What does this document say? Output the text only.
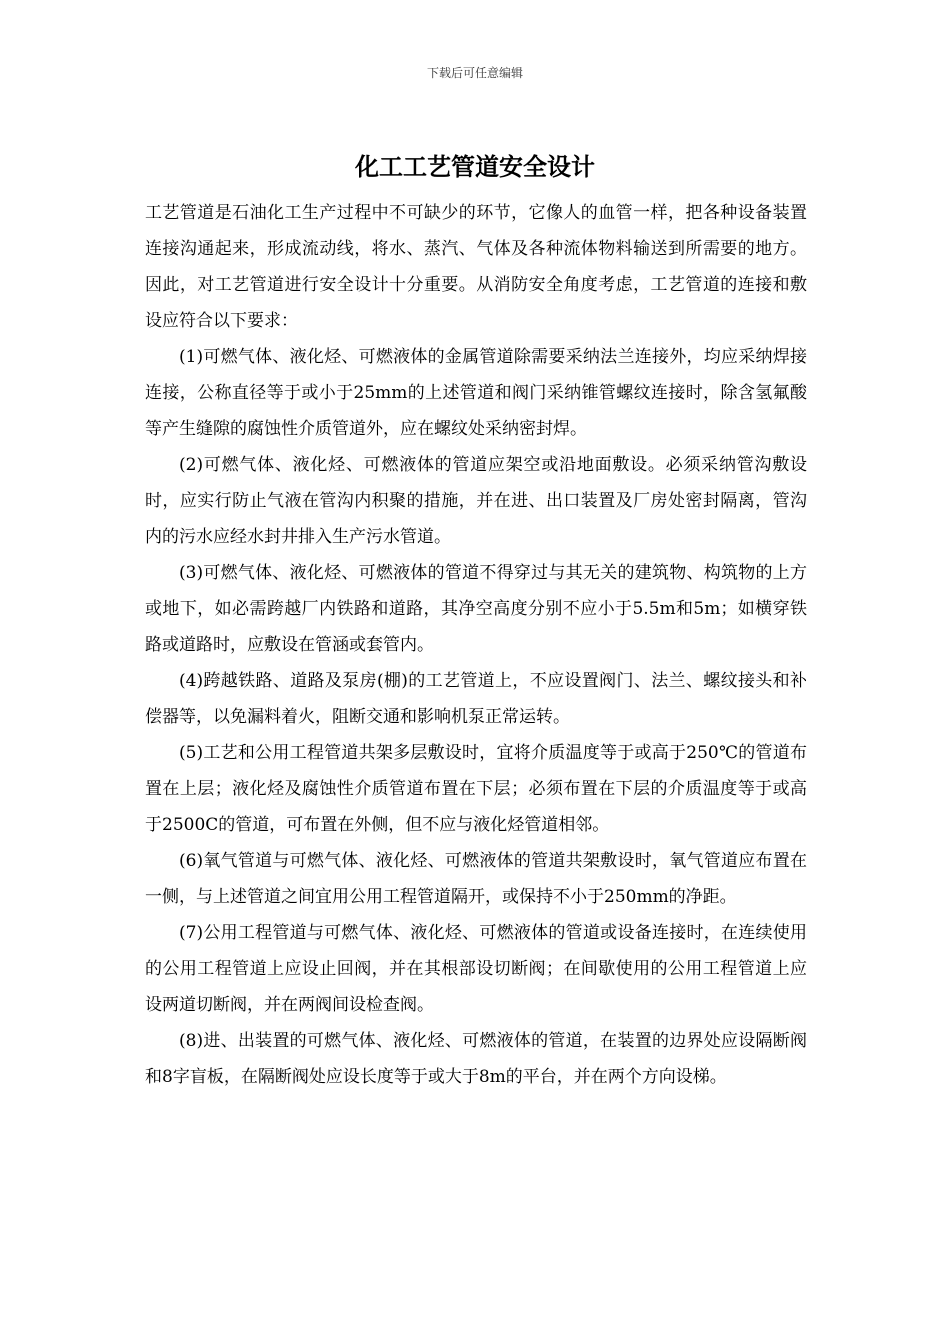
下载后可任意编辑
化工工艺管道安全设计

工艺管道是石油化工生产过程中不可缺少的环节，它像人的血管一样，把各种设备装置连接沟通起来，形成流动线，将水、蒸汽、气体及各种流体物料输送到所需要的地方。因此，对工艺管道进行安全设计十分重要。从消防安全角度考虑，工艺管道的连接和敷设应符合以下要求：

(1)可燃气体、液化烃、可燃液体的金属管道除需要采纳法兰连接外，均应采纳焊接连接，公称直径等于或小于25mm的上述管道和阀门采纳锥管螺纹连接时，除含氢氟酸等产生缝隙的腐蚀性介质管道外，应在螺纹处采纳密封焊。

(2)可燃气体、液化烃、可燃液体的管道应架空或沿地面敷设。必须采纳管沟敷设时，应实行防止气液在管沟内积聚的措施，并在进、出口装置及厂房处密封隔离，管沟内的污水应经水封井排入生产污水管道。

(3)可燃气体、液化烃、可燃液体的管道不得穿过与其无关的建筑物、构筑物的上方或地下，如必需跨越厂内铁路和道路，其净空高度分别不应小于5.5m和5m；如横穿铁路或道路时，应敷设在管涵或套管内。

(4)跨越铁路、道路及泵房(棚)的工艺管道上，不应设置阀门、法兰、螺纹接头和补偿器等，以免漏料着火，阻断交通和影响机泵正常运转。

(5)工艺和公用工程管道共架多层敷设时，宜将介质温度等于或高于250℃的管道布置在上层；液化烃及腐蚀性介质管道布置在下层；必须布置在下层的介质温度等于或高于2500C的管道，可布置在外侧，但不应与液化烃管道相邻。

(6)氧气管道与可燃气体、液化烃、可燃液体的管道共架敷设时，氧气管道应布置在一侧，与上述管道之间宜用公用工程管道隔开，或保持不小于250mm的净距。

(7)公用工程管道与可燃气体、液化烃、可燃液体的管道或设备连接时，在连续使用的公用工程管道上应设止回阀，并在其根部设切断阀；在间歇使用的公用工程管道上应设两道切断阀，并在两阀间设检查阀。

(8)进、出装置的可燃气体、液化烃、可燃液体的管道，在装置的边界处应设隔断阀和8字盲板，在隔断阀处应设长度等于或大于8m的平台，并在两个方向设梯。
